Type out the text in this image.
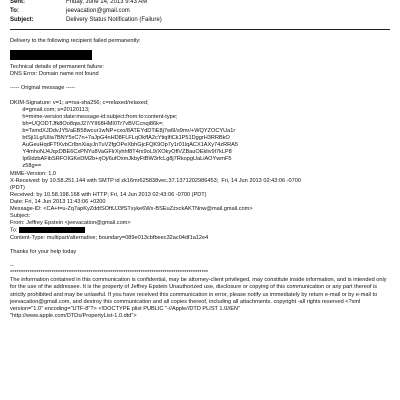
Sent:	Friday, June 14, 2013 9:43 AM
To:	jeevacation@gmail.com
Subject:	Delivery Status Notification (Failure)

Delivery to the following recipient failed permanently:

Technical details of permanent failure:

DNS Error: Domain name not found

----- Original message -----

DKIM-Signature: v=1; a=rsa-sha256; c=relaxed/relaxed;

d=gmail.com; s=20120113;

h=mime-version:date:message-id:subject:from:to:content-type;

bh=UQODTJfk8Oo8qwJ27/YII68HMI0Tr7vBVCcnqi86k=;

b=TsmdXJDdvJY5/aEB58wcur1wNP+cxo/8ATEYdDTiE8j7w6l/s9mr/+WQYZOCYUa1r

btSji1Lg/Ulia7BNY5xC7n+7aJpG4nHD8FLFLqOkffA2cYtiqIfiCk1P51DggrH3RRBkO

AuGeuHqdFTfXvbCrIbnXiayJnTuV2fgOPeXbhGjcFQK9Op7y1r01lqACX1AXy74zRRA5

Y4mhoNJ4JqxDBE6CxPNYu8VaGFlrXyhhf8T4rx9oL9/XOkyOflVZBauOEkliv9l7kLP8

Ip6ldzbAFibSRFOIGKeDM2b+rjOj/6ufOxmJkbyFtBW3rfcLg8j7RkopgUaLiAOYwmF5

z58g==

MIME-Version: 1.0

X-Received: by 10.58.251.144 with SMTP id zk16mr625838vec.37.1371202986453;  Fri, 14 Jun 2013 02:43:06 -0700

(PDT)

Received: by 10.58.198.168 with HTTP; Fri, 14 Jun 2013 02:43:06 -0700 (PDT)

Date: Fri, 14 Jun 2013 11:43:06 +0200

Message-ID: <CA+t=u-Zq7apKyZddtSOftUJ3fSTxyke6Wx-BSEuZzxckAKTNnw@mail.gmail.com>

Subject:

From: Jeffrey Epstein <jeevacation@gmail.com>

To:

Content-Type: multipart/alternative; boundary=089e013cbfbeec32ac04df1a12e4

Thanks for your help today

--

*******************************************************************************************

The information contained in this communication is confidential, may be attorney-client privileged, may constitute inside information, and is intended only for the use of the addressee. It is the property of Jeffrey Epstein Unauthorized use, disclosure or copying of this communication or any part thereof is strictly prohibited and may be unlawful. If you have received this communication in error, please notify us immediately by return e-mail or by e-mail to jeevacation@gmail.com, and destroy this communication and all copies thereof, including all attachments. copyright -all rights reserved <?xml version="1.0" encoding="UTF-8"?> <!DOCTYPE plist PUBLIC "-//Apple//DTD PLIST 1.0//EN"

"http://www.apple.com/DTDs/PropertyList-1.0.dtd">
